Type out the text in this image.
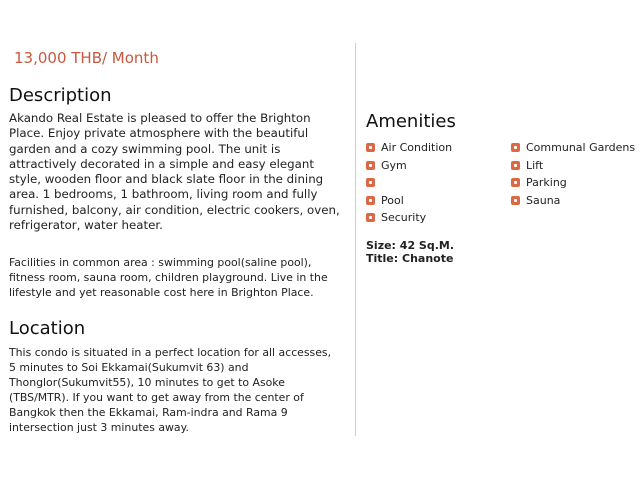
13,000 THB/ Month
Description
Akando Real Estate is pleased to offer the Brighton Place. Enjoy private atmosphere with the beautiful garden and a cozy swimming pool. The unit is attractively decorated in a simple and easy elegant style, wooden floor and black slate floor in the dining area. 1 bedrooms, 1 bathroom, living room and fully furnished, balcony, air condition, electric cookers, oven, refrigerator, water heater.
Facilities in common area : swimming pool(saline pool), fitness room, sauna room, children playground. Live in the lifestyle and yet reasonable cost here in Brighton Place.
Location
This condo is situated in a perfect location for all accesses, 5 minutes to Soi Ekkamai(Sukumvit 63) and Thonglor(Sukumvit55), 10 minutes to get to Asoke (TBS/MTR). If you want to get away from the center of Bangkok then the Ekkamai, Ram-indra and Rama 9 intersection just 3 minutes away.
Amenities
Air Condition
Gym
Pool
Security
Communal Gardens
Lift
Parking
Sauna
Size: 42 Sq.M.
Title: Chanote
